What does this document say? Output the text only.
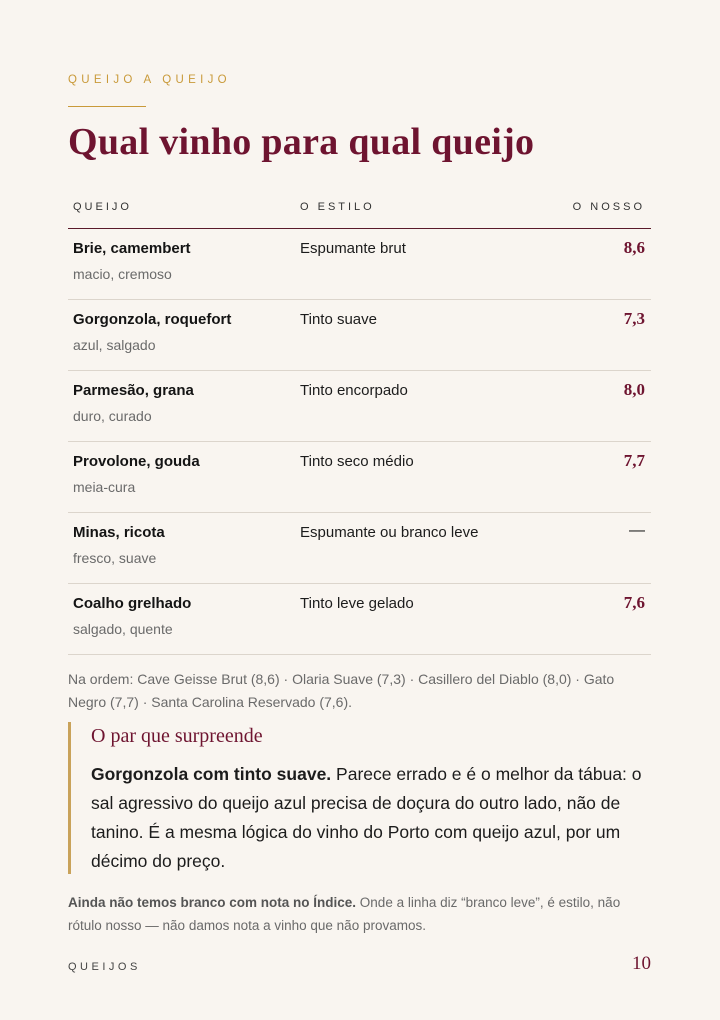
QUEIJO A QUEIJO
Qual vinho para qual queijo
QUEIJO	O ESTILO	O NOSSO
Brie, camembert
macio, cremoso
Espumante brut	8,6
Gorgonzola, roquefort
azul, salgado
Tinto suave	7,3
Parmesão, grana
duro, curado
Tinto encorpado	8,0
Provolone, gouda
meia-cura
Tinto seco médio	7,7
Minas, ricota
fresco, suave
Espumante ou branco leve	—
Coalho grelhado
salgado, quente
Tinto leve gelado	7,6

Na ordem: Cave Geisse Brut (8,6) · Olaria Suave (7,3) · Casillero del Diablo (8,0) · Gato Negro (7,7) · Santa Carolina Reservado (7,6).

O par que surpreende
Gorgonzola com tinto suave. Parece errado e é o melhor da tábua: o sal agressivo do queijo azul precisa de doçura do outro lado, não de tanino. É a mesma lógica do vinho do Porto com queijo azul, por um décimo do preço.
Ainda não temos branco com nota no Índice. Onde a linha diz “branco leve”, é estilo, não rótulo nosso — não damos nota a vinho que não provamos.
QUEIJOS	10
